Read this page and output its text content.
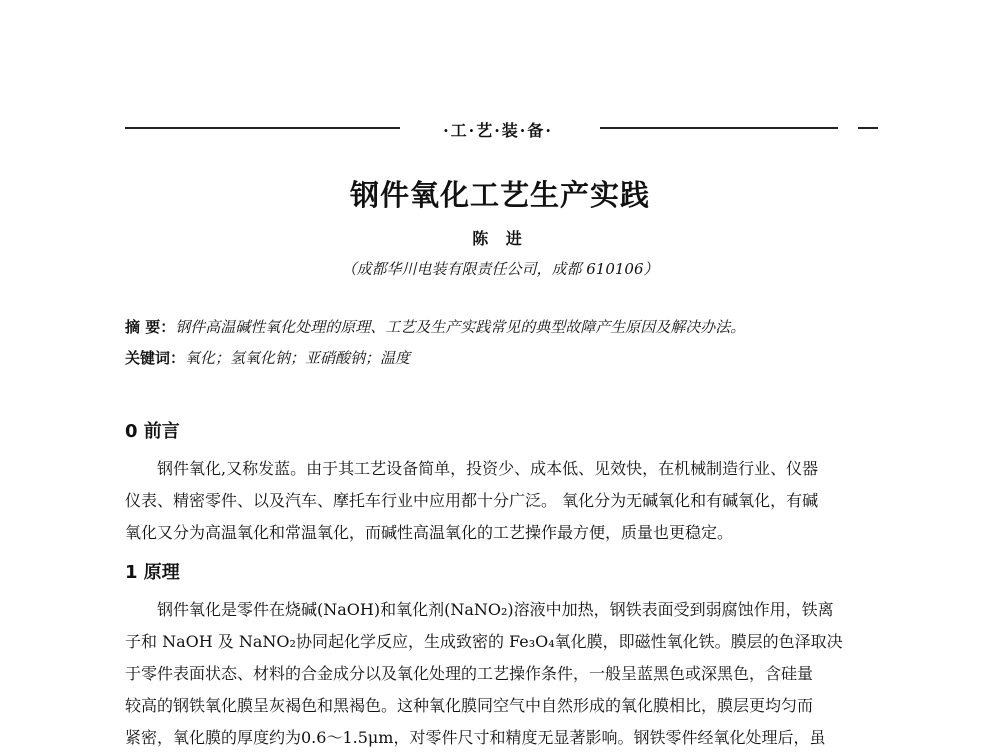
·工·艺·装·备·
钢件氧化工艺生产实践
陈 进
（成都华川电装有限责任公司，成都 610106）
摘 要：钢件高温碱性氧化处理的原理、工艺及生产实践常见的典型故障产生原因及解决办法。
关键词：氧化；氢氧化钠；亚硝酸钠；温度
0 前言
钢件氧化,又称发蓝。由于其工艺设备简单，投资少、成本低、见效快，在机械制造行业、仪器
仪表、精密零件、以及汽车、摩托车行业中应用都十分广泛。 氧化分为无碱氧化和有碱氧化，有碱
氧化又分为高温氧化和常温氧化，而碱性高温氧化的工艺操作最方便，质量也更稳定。
1 原理
钢件氧化是零件在烧碱(NaOH)和氧化剂(NaNO₂)溶液中加热，钢铁表面受到弱腐蚀作用，铁离
子和 NaOH 及 NaNO₂协同起化学反应，生成致密的 Fe₃O₄氧化膜，即磁性氧化铁。膜层的色泽取决
于零件表面状态、材料的合金成分以及氧化处理的工艺操作条件，一般呈蓝黑色或深黑色，含硅量
较高的钢铁氧化膜呈灰褐色和黑褐色。这种氧化膜同空气中自然形成的氧化膜相比，膜层更均匀而
紧密，氧化膜的厚度约为0.6～1.5μm，对零件尺寸和精度无显著影响。钢铁零件经氧化处理后，虽
